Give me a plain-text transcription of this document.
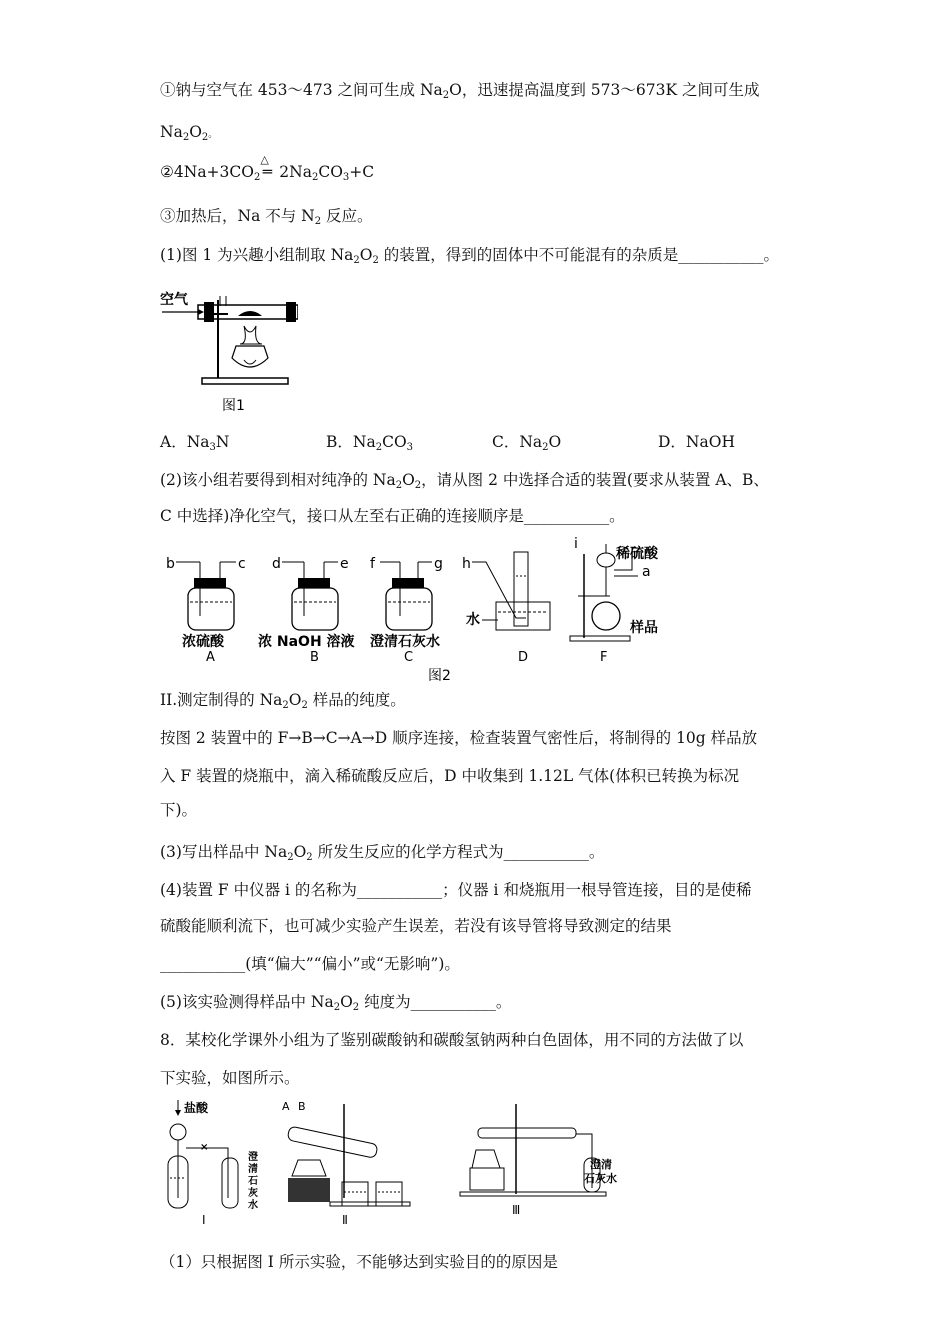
①钠与空气在 453～473 之间可生成 $Na_2O$，迅速提高温度到 573～673K 之间可生成
$Na_2O_2$。
$②4Na+3CO_2$
△
═ $2Na_2CO_3+C$
③加热后，Na 不与 $N_2$ 反应。
(1)图 1 为兴趣小组制取 $Na_2O_2$ 的装置，得到的固体中不可能混有的杂质是___________。
空气
图1
A．$Na_3N$	B．$Na_2CO_3$	C．$Na_2O$	D．NaOH
(2)该小组若要得到相对纯净的 $Na_2O_2$，请从图 2 中选择合适的装置(要求从装置 A、B、
C 中选择)净化空气，接口从左至右正确的连接顺序是___________。
b	c
浓硫酸
A
d	e
浓 NaOH 溶液
B
f	g
澄清石灰水
C
h
水
D
i
稀硫酸
a
样品
F
图2
II.测定制得的 $Na_2O_2$ 样品的纯度。
按图 2 装置中的 F→B→C→A→D 顺序连接，检查装置气密性后，将制得的 10g 样品放
入 F 装置的烧瓶中，滴入稀硫酸反应后，D 中收集到 1.12L 气体(体积已转换为标况
下)。
(3)写出样品中 $Na_2O_2$ 所发生反应的化学方程式为___________。
(4)装置 F 中仪器 i 的名称为___________；仪器 i 和烧瓶用一根导管连接，目的是使稀
硫酸能顺利流下，也可减少实验产生误差，若没有该导管将导致测定的结果
___________(填“偏大”“偏小”或“无影响”)。
(5)该实验测得样品中 $Na_2O_2$ 纯度为___________。
8．某校化学课外小组为了鉴别碳酸钠和碳酸氢钠两种白色固体，用不同的方法做了以
下实验，如图所示。
盐酸
×
澄
清
石
灰
水
Ⅰ
A B
Ⅱ
澄清
石灰水
Ⅲ
（1）只根据图 Ⅰ 所示实验，不能够达到实验目的的原因是
